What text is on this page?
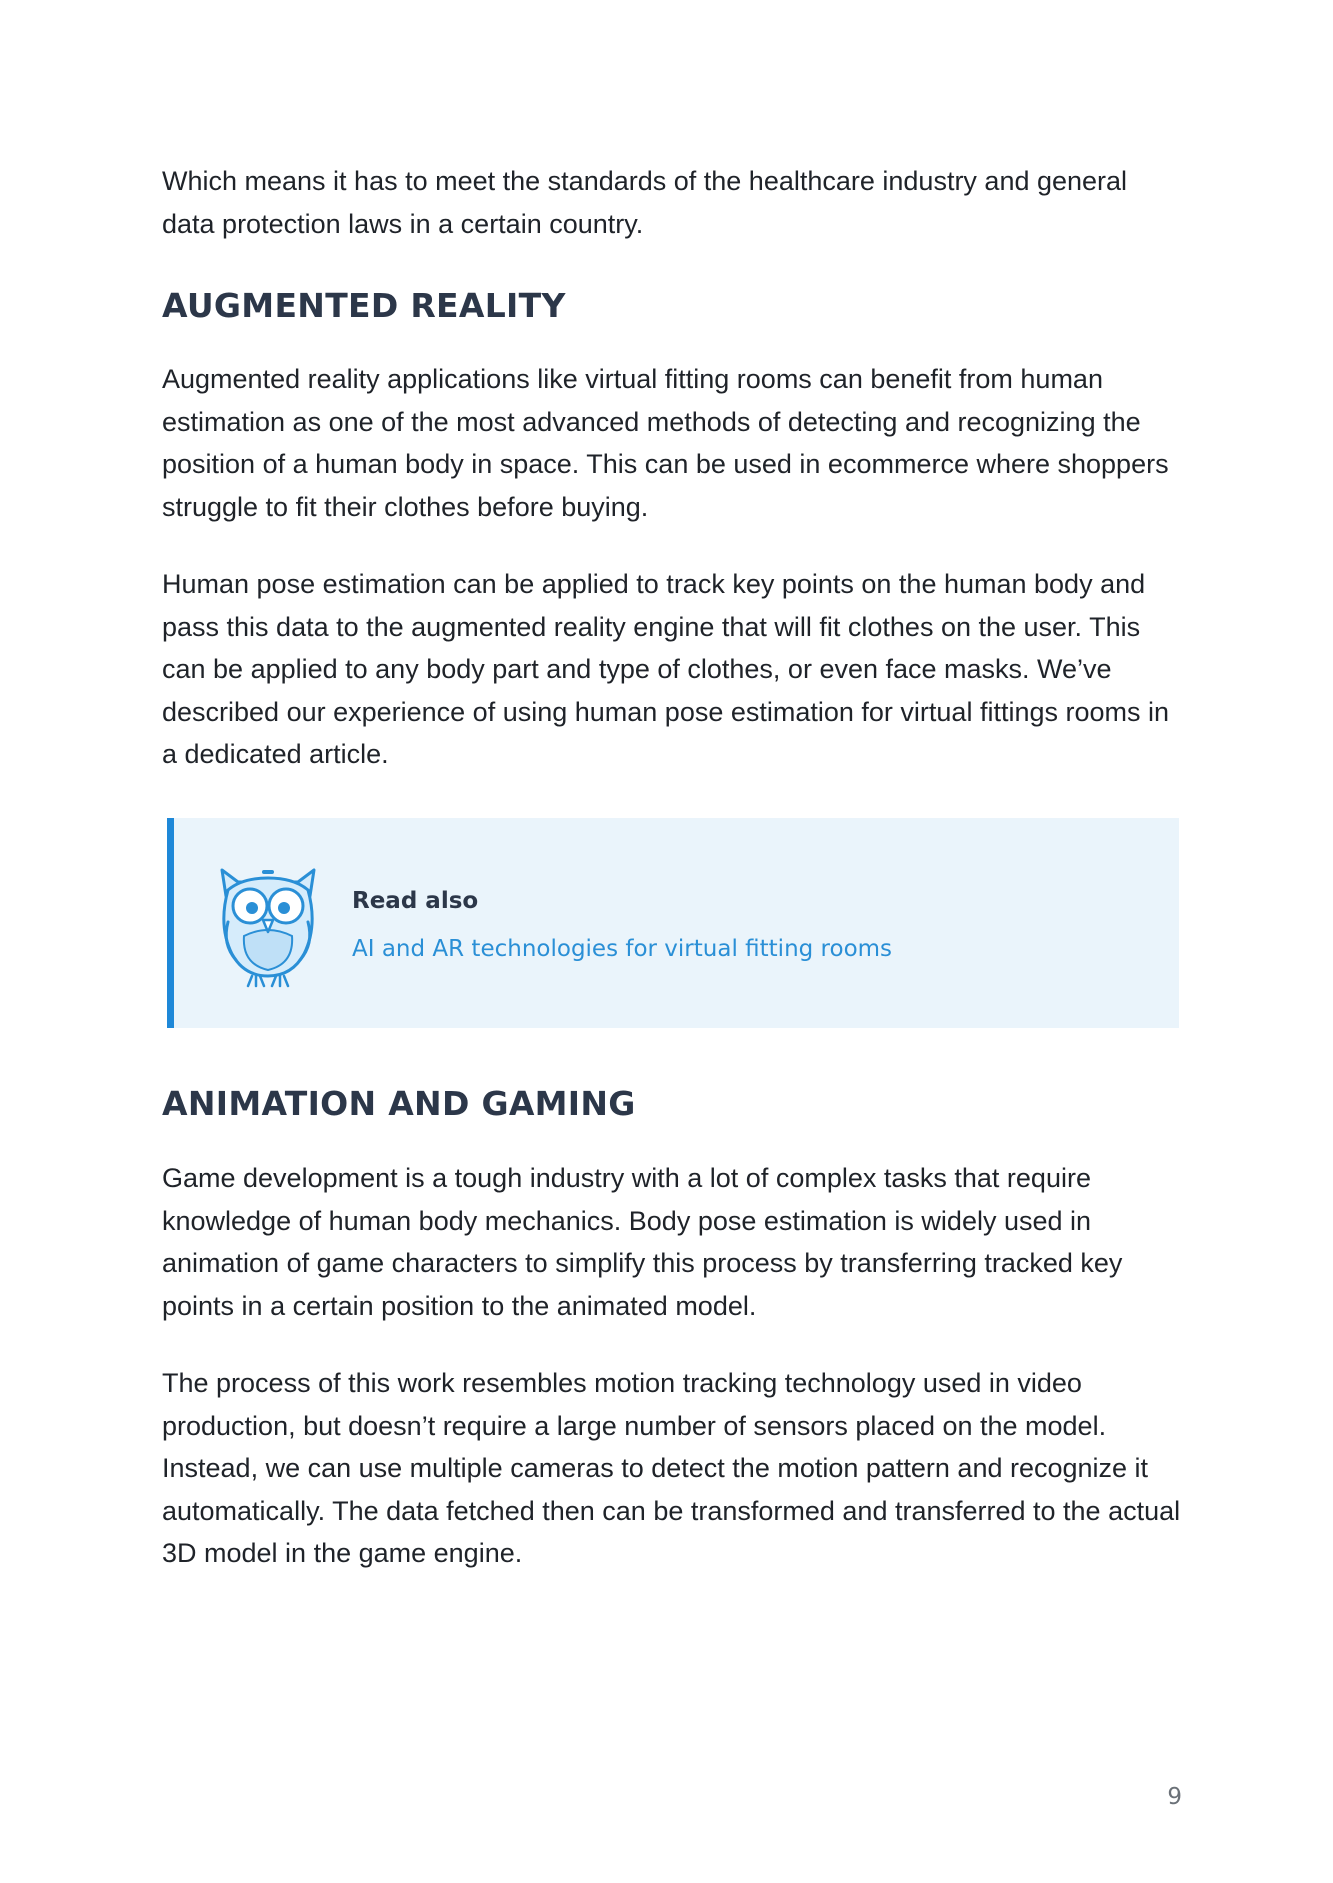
Which means it has to meet the standards of the healthcare industry and general data protection laws in a certain country.

AUGMENTED REALITY

Augmented reality applications like virtual fitting rooms can benefit from human estimation as one of the most advanced methods of detecting and recognizing the position of a human body in space. This can be used in ecommerce where shoppers struggle to fit their clothes before buying.

Human pose estimation can be applied to track key points on the human body and pass this data to the augmented reality engine that will fit clothes on the user. This can be applied to any body part and type of clothes, or even face masks. We’ve described our experience of using human pose estimation for virtual fittings rooms in a dedicated article.

Read also
AI and AR technologies for virtual fitting rooms
ANIMATION AND GAMING

Game development is a tough industry with a lot of complex tasks that require knowledge of human body mechanics. Body pose estimation is widely used in animation of game characters to simplify this process by transferring tracked key points in a certain position to the animated model.

The process of this work resembles motion tracking technology used in video production, but doesn’t require a large number of sensors placed on the model. Instead, we can use multiple cameras to detect the motion pattern and recognize it automatically. The data fetched then can be transformed and transferred to the actual 3D model in the game engine.

9
